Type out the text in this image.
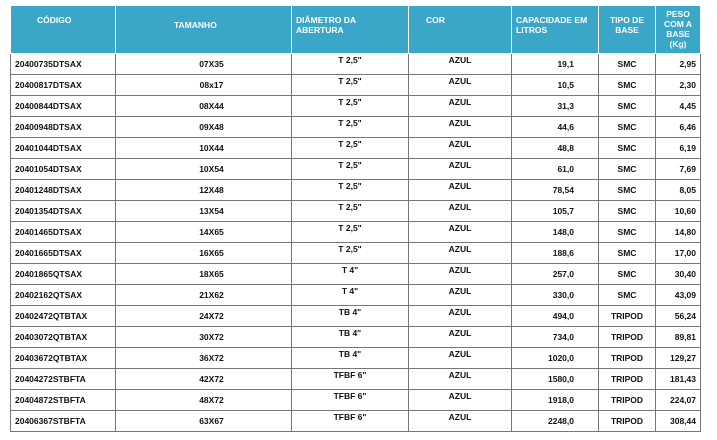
CÓDIGO	TAMANHO	DIÂMETRO DA ABERTURA	COR	CAPACIDADE EM LITROS	TIPO DE BASE	PESO COM A BASE (Kg)
20400735DTSAX	07X35	T 2,5"	AZUL	19,1	SMC	2,95
20400817DTSAX	08x17	T 2,5"	AZUL	10,5	SMC	2,30
20400844DTSAX	08X44	T 2,5"	AZUL	31,3	SMC	4,45
20400948DTSAX	09X48	T 2,5"	AZUL	44,6	SMC	6,46
20401044DTSAX	10X44	T 2,5"	AZUL	48,8	SMC	6,19
20401054DTSAX	10X54	T 2,5"	AZUL	61,0	SMC	7,69
20401248DTSAX	12X48	T 2,5"	AZUL	78,54	SMC	8,05
20401354DTSAX	13X54	T 2,5"	AZUL	105,7	SMC	10,60
20401465DTSAX	14X65	T 2,5"	AZUL	148,0	SMC	14,80
20401665DTSAX	16X65	T 2,5"	AZUL	188,6	SMC	17,00
20401865QTSAX	18X65	T 4"	AZUL	257,0	SMC	30,40
20402162QTSAX	21X62	T 4"	AZUL	330,0	SMC	43,09
20402472QTBTAX	24X72	TB 4"	AZUL	494,0	TRIPOD	56,24
20403072QTBTAX	30X72	TB 4"	AZUL	734,0	TRIPOD	89,81
20403672QTBTAX	36X72	TB 4"	AZUL	1020,0	TRIPOD	129,27
20404272STBFTA	42X72	TFBF 6"	AZUL	1580,0	TRIPOD	181,43
20404872STBFTA	48X72	TFBF 6"	AZUL	1918,0	TRIPOD	224,07
20406367STBFTA	63X67	TFBF 6"	AZUL	2248,0	TRIPOD	308,44
